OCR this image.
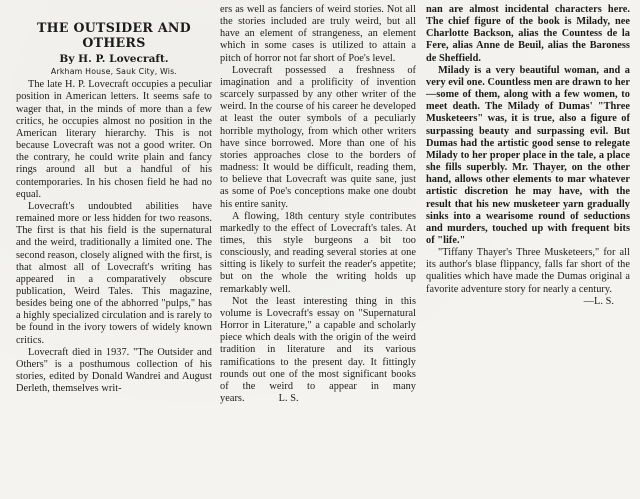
THE OUTSIDER AND
OTHERS
By H. P. Lovecraft.
Arkham House, Sauk City, Wis.

The late H. P. Lovecraft occupies a peculiar position in American letters. It seems safe to wager that, in the minds of more than a few critics, he occupies almost no position in the American literary hierarchy. This is not because Lovecraft was not a good writer. On the contrary, he could write plain and fancy rings around all but a handful of his contemporaries. In his chosen field he had no equal.

Lovecraft's undoubted abilities have remained more or less hidden for two reasons. The first is that his field is the supernatural and the weird, traditionally a limited one. The second reason, closely aligned with the first, is that almost all of Lovecraft's writing has appeared in a comparatively obscure publication, Weird Tales. This magazine, besides being one of the abhorred "pulps," has a highly specialized circulation and is rarely to be found in the ivory towers of widely known critics.

Lovecraft died in 1937. "The Outsider and Others" is a posthumous collection of his stories, edited by Donald Wandrei and August Derleth, themselves writ-

ers as well as fanciers of weird stories. Not all the stories included are truly weird, but all have an element of strangeness, an element which in some cases is utilized to attain a pitch of horror not far short of Poe's level.

Lovecraft possessed a freshness of imagination and a prolificity of invention scarcely surpassed by any other writer of the weird. In the course of his career he developed at least the outer symbols of a peculiarly horrible mythology, from which other writers have since borrowed. More than one of his stories approaches close to the borders of madness: It would be difficult, reading them, to believe that Lovecraft was quite sane, just as some of Poe's conceptions make one doubt his entire sanity.

A flowing, 18th century style contributes markedly to the effect of Lovecraft's tales. At times, this style burgeons a bit too consciously, and reading several stories at one sitting is likely to surfeit the reader's appetite; but on the whole the writing holds up remarkably well.

Not the least interesting thing in this volume is Lovecraft's essay on "Supernatural Horror in Literature," a capable and scholarly piece which deals with the origin of the weird tradition in literature and its various ramifications to the present day. It fittingly rounds out one of the most significant books of the weird to appear in many years.	L. S.

nan are almost incidental characters here. The chief figure of the book is Milady, nee Charlotte Backson, alias the Countess de la Fere, alias Anne de Beuil, alias the Baroness de Sheffield.

Milady is a very beautiful woman, and a very evil one. Countless men are drawn to her—some of them, along with a few women, to meet death. The Milady of Dumas' "Three Musketeers" was, it is true, also a figure of surpassing beauty and surpassing evil. But Dumas had the artistic good sense to relegate Milady to her proper place in the tale, a place she fills superbly. Mr. Thayer, on the other hand, allows other elements to mar whatever artistic discretion he may have, with the result that his new musketeer yarn gradually sinks into a wearisome round of seductions and murders, touched up with frequent bits of "life."

"Tiffany Thayer's Three Musketeers," for all its author's blase flippancy, falls far short of the qualities which have made the Dumas original a favorite adventure story for nearly a century.

—L. S.
